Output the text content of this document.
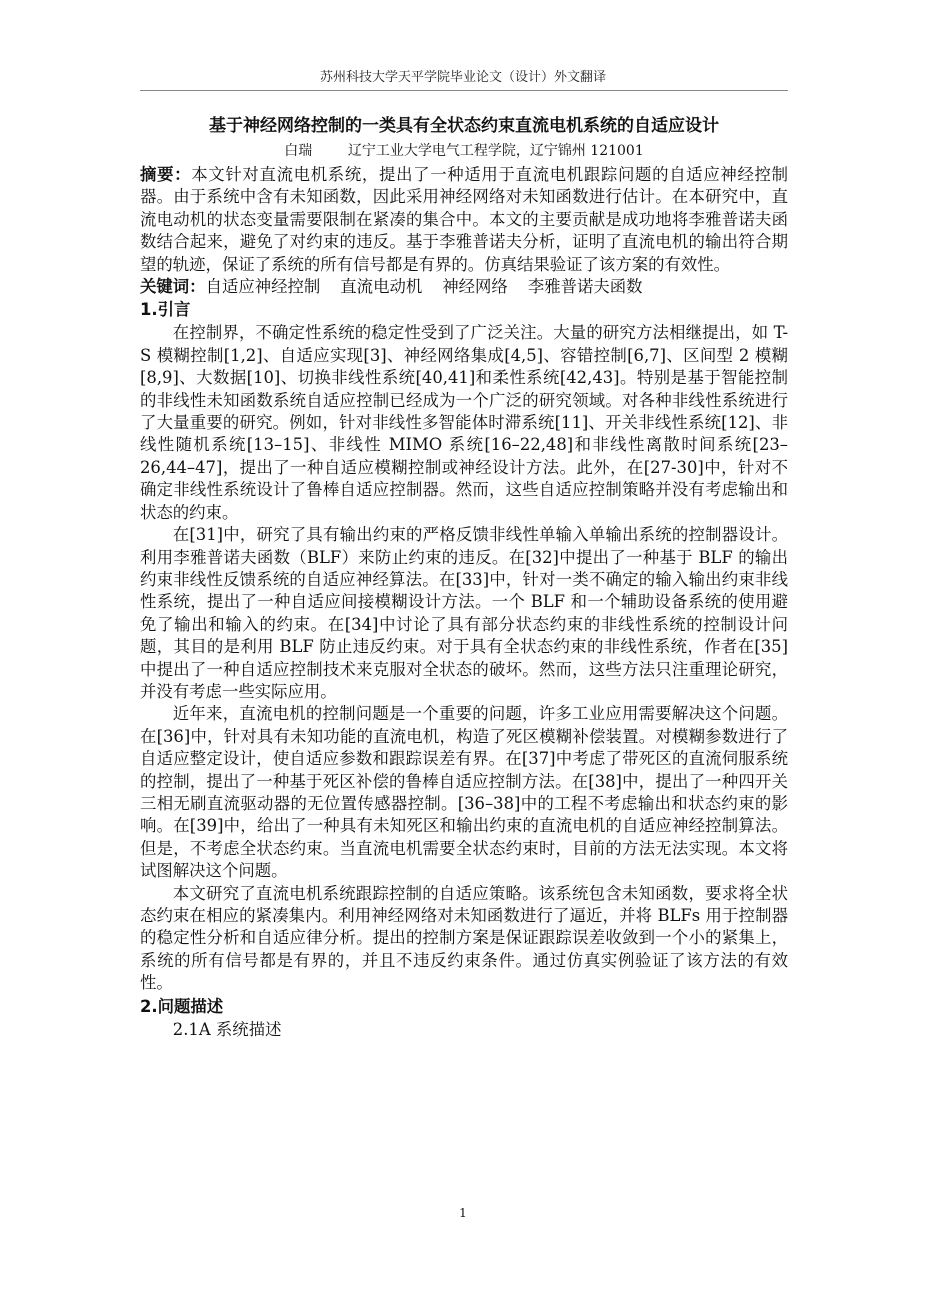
苏州科技大学天平学院毕业论文（设计）外文翻译
基于神经网络控制的一类具有全状态约束直流电机系统的自适应设计
白瑞	辽宁工业大学电气工程学院，辽宁锦州 121001

摘要：本文针对直流电机系统，提出了一种适用于直流电机跟踪问题的自适应神经控制器。由于系统中含有未知函数，因此采用神经网络对未知函数进行估计。在本研究中，直流电动机的状态变量需要限制在紧凑的集合中。本文的主要贡献是成功地将李雅普诺夫函数结合起来，避免了对约束的违反。基于李雅普诺夫分析，证明了直流电机的输出符合期望的轨迹，保证了系统的所有信号都是有界的。仿真结果验证了该方案的有效性。

关键词：自适应神经控制 直流电动机 神经网络 李雅普诺夫函数

1.引言

在控制界，不确定性系统的稳定性受到了广泛关注。大量的研究方法相继提出，如 T-S 模糊控制[1,2]、自适应实现[3]、神经网络集成[4,5]、容错控制[6,7]、区间型 2 模糊[8,9]、大数据[10]、切换非线性系统[40,41]和柔性系统[42,43]。特别是基于智能控制的非线性未知函数系统自适应控制已经成为一个广泛的研究领域。对各种非线性系统进行了大量重要的研究。例如，针对非线性多智能体时滞系统[11]、开关非线性系统[12]、非线性随机系统[13–15]、非线性 MIMO 系统[16–22,48]和非线性离散时间系统[23–26,44–47]，提出了一种自适应模糊控制或神经设计方法。此外，在[27-30]中，针对不确定非线性系统设计了鲁棒自适应控制器。然而，这些自适应控制策略并没有考虑输出和状态的约束。

在[31]中，研究了具有输出约束的严格反馈非线性单输入单输出系统的控制器设计。利用李雅普诺夫函数（BLF）来防止约束的违反。在[32]中提出了一种基于 BLF 的输出约束非线性反馈系统的自适应神经算法。在[33]中，针对一类不确定的输入输出约束非线性系统，提出了一种自适应间接模糊设计方法。一个 BLF 和一个辅助设备系统的使用避免了输出和输入的约束。在[34]中讨论了具有部分状态约束的非线性系统的控制设计问题，其目的是利用 BLF 防止违反约束。对于具有全状态约束的非线性系统，作者在[35]中提出了一种自适应控制技术来克服对全状态的破坏。然而，这些方法只注重理论研究，并没有考虑一些实际应用。

近年来，直流电机的控制问题是一个重要的问题，许多工业应用需要解决这个问题。在[36]中，针对具有未知功能的直流电机，构造了死区模糊补偿装置。对模糊参数进行了自适应整定设计，使自适应参数和跟踪误差有界。在[37]中考虑了带死区的直流伺服系统的控制，提出了一种基于死区补偿的鲁棒自适应控制方法。在[38]中，提出了一种四开关三相无刷直流驱动器的无位置传感器控制。[36–38]中的工程不考虑输出和状态约束的影响。在[39]中，给出了一种具有未知死区和输出约束的直流电机的自适应神经控制算法。但是，不考虑全状态约束。当直流电机需要全状态约束时，目前的方法无法实现。本文将试图解决这个问题。

本文研究了直流电机系统跟踪控制的自适应策略。该系统包含未知函数，要求将全状态约束在相应的紧凑集内。利用神经网络对未知函数进行了逼近，并将 BLFs 用于控制器的稳定性分析和自适应律分析。提出的控制方案是保证跟踪误差收敛到一个小的紧集上，系统的所有信号都是有界的，并且不违反约束条件。通过仿真实例验证了该方法的有效性。

2.问题描述

2.1A 系统描述

1
